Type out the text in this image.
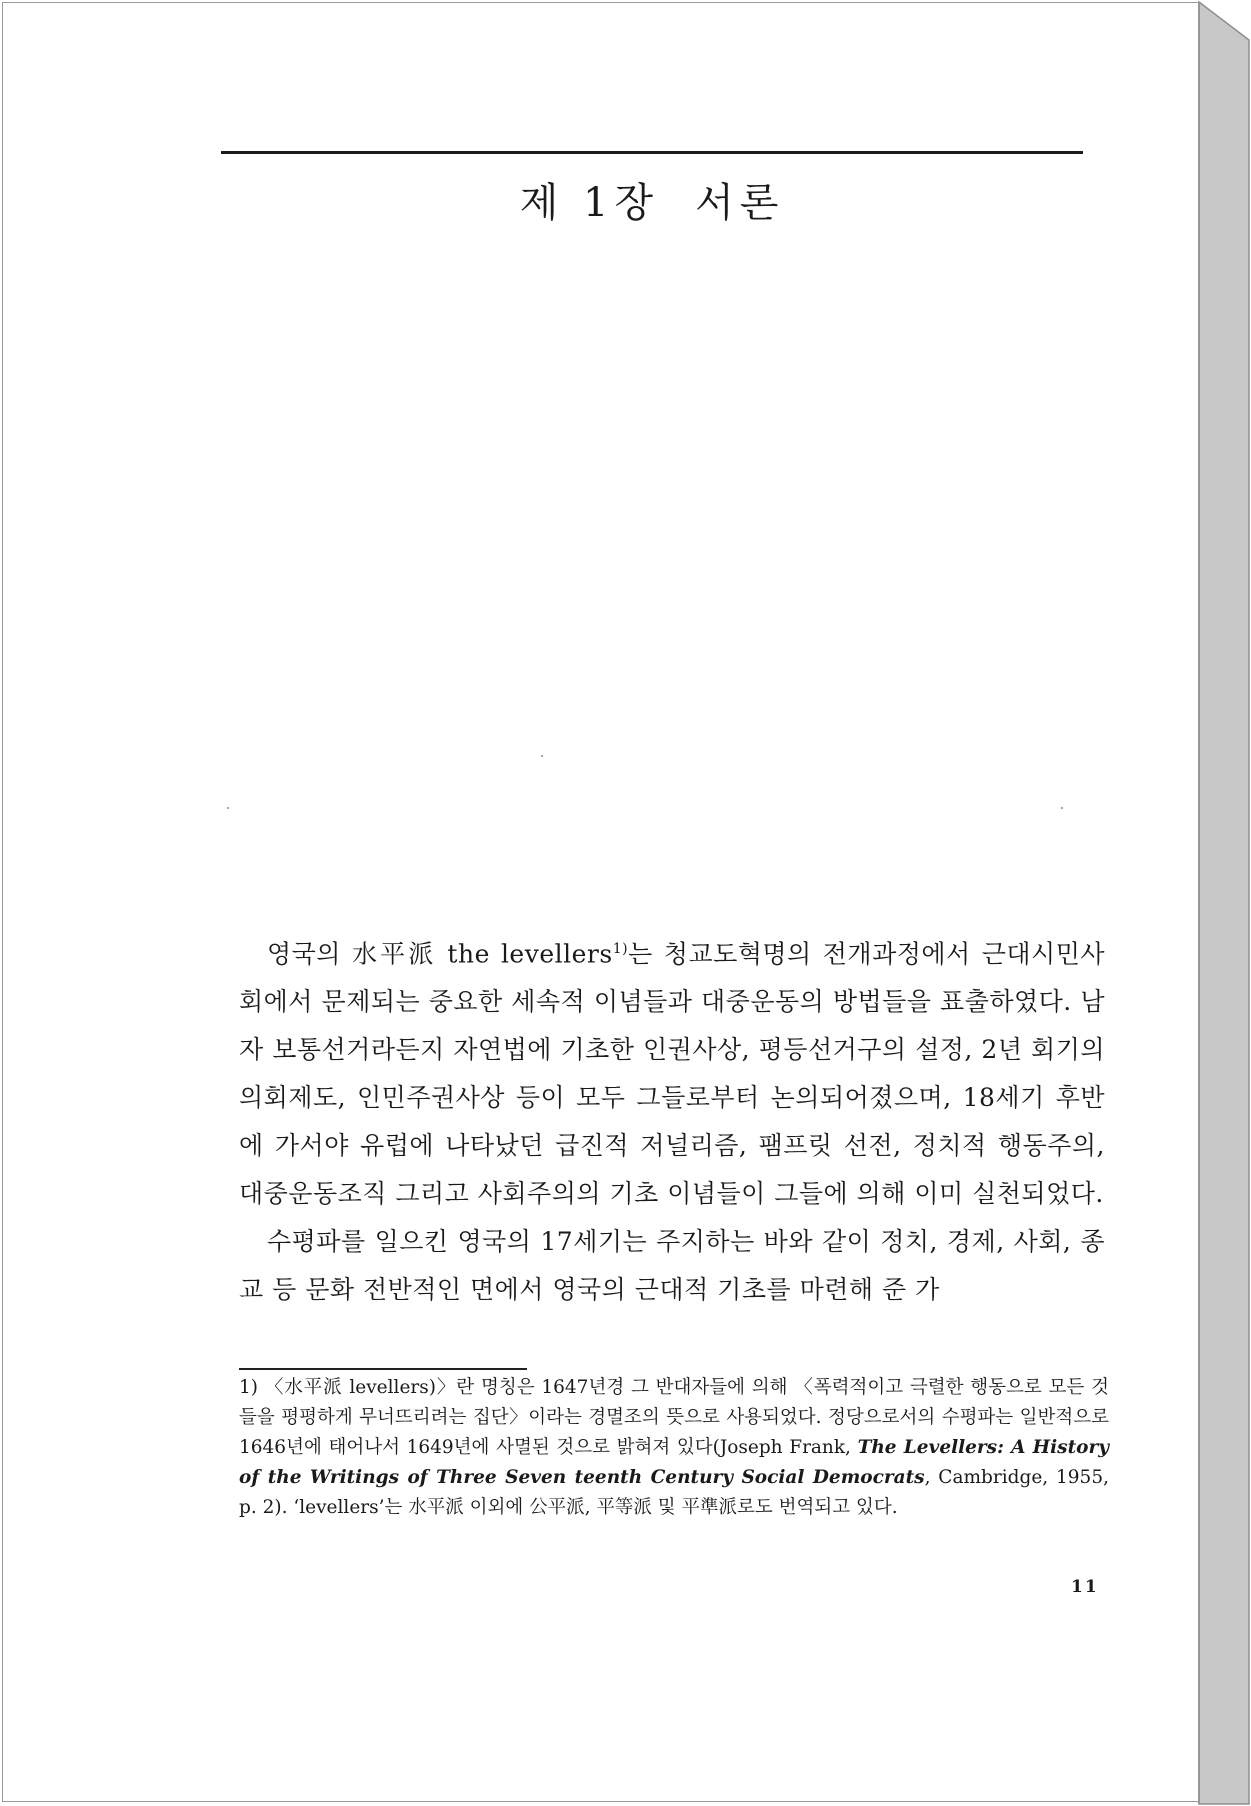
제 1장 서론

영국의 水平派 the levellers$^{1)}$는 청교도혁명의 전개과정에서 근대시민사회에서 문제되는 중요한 세속적 이념들과 대중운동의 방법들을 표출하였다. 남자 보통선거라든지 자연법에 기초한 인권사상, 평등선거구의 설정, 2년 회기의 의회제도, 인민주권사상 등이 모두 그들로부터 논의되어졌으며, 18세기 후반에 가서야 유럽에 나타났던 급진적 저널리즘, 팸프릿 선전, 정치적 행동주의, 대중운동조직 그리고 사회주의의 기초 이념들이 그들에 의해 이미 실천되었다.

수평파를 일으킨 영국의 17세기는 주지하는 바와 같이 정치, 경제, 사회, 종교 등 문화 전반적인 면에서 영국의 근대적 기초를 마련해 준 가

1) 〈水平派 levellers)〉란 명칭은 1647년경 그 반대자들에 의해 〈폭력적이고 극렬한 행동으로 모든 것들을 평평하게 무너뜨리려는 집단〉이라는 경멸조의 뜻으로 사용되었다. 정당으로서의 수평파는 일반적으로 1646년에 태어나서 1649년에 사멸된 것으로 밝혀져 있다(Joseph Frank, The Levellers: A History of the Writings of Three Seven teenth Century Social Democrats, Cambridge, 1955, p. 2). ‘levellers’는 水平派 이외에 公平派, 平等派 및 平準派로도 번역되고 있다.
11
